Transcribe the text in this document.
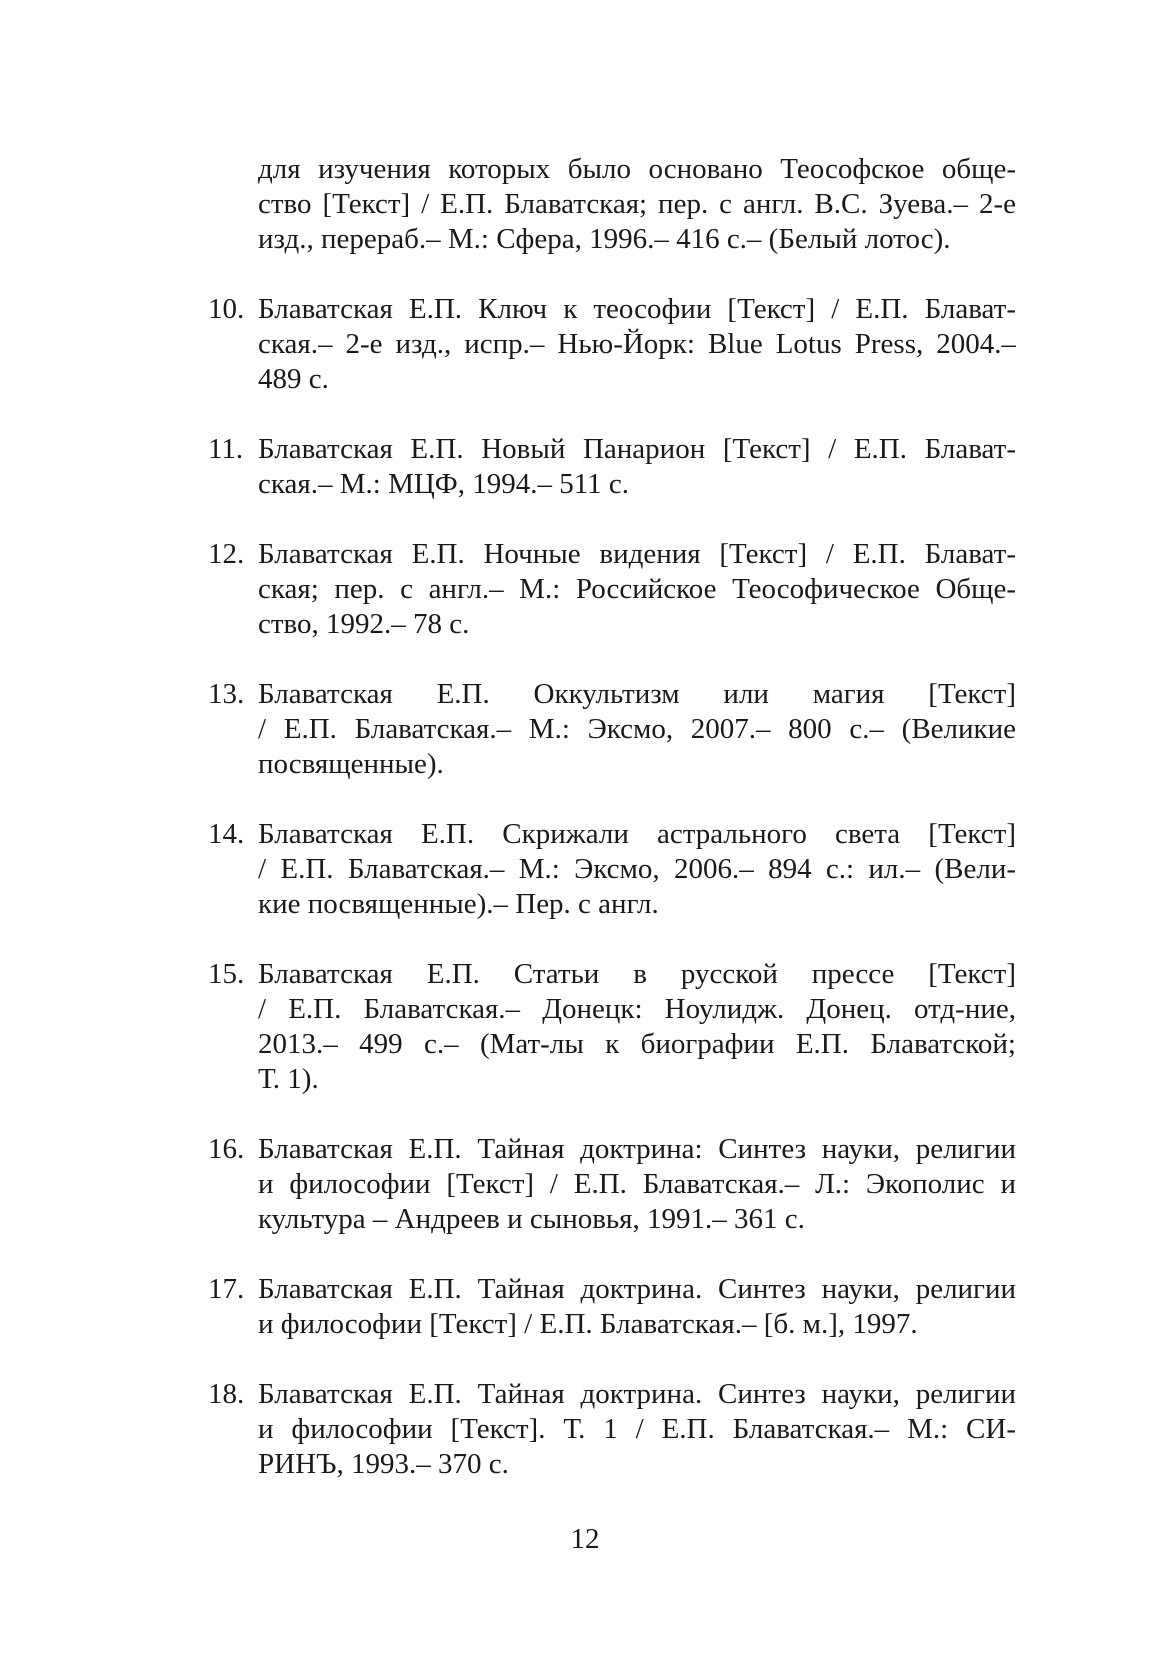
для изучения которых было основано Теософское обще-
ство [Текст] / Е.П. Блаватская; пер. с англ. В.С. Зуева.– 2-е
изд., перераб.– М.: Сфера, 1996.– 416 с.– (Белый лотос).
10. Блаватская Е.П. Ключ к теософии [Текст] / Е.П. Блават-
ская.– 2-е изд., испр.– Нью-Йорк: Blue Lotus Press, 2004.–
489 с.
11. Блаватская Е.П. Новый Панарион [Текст] / Е.П. Блават-
ская.– М.: МЦФ, 1994.– 511 с.
12. Блаватская Е.П. Ночные видения [Текст] / Е.П. Блават-
ская; пер. с англ.– М.: Российское Теософическое Обще-
ство, 1992.– 78 с.
13. Блаватская Е.П. Оккультизм или магия [Текст]
/ Е.П. Блаватская.– М.: Эксмо, 2007.– 800 с.– (Великие
посвященные).
14. Блаватская Е.П. Скрижали астрального света [Текст]
/ Е.П. Блаватская.– М.: Эксмо, 2006.– 894 с.: ил.– (Вели-
кие посвященные).– Пер. с англ.
15. Блаватская Е.П. Статьи в русской прессе [Текст]
/ Е.П. Блаватская.– Донецк: Ноулидж. Донец. отд-ние,
2013.– 499 с.– (Мат-лы к биографии Е.П. Блаватской;
Т. 1).
16. Блаватская Е.П. Тайная доктрина: Синтез науки, религии
и философии [Текст] / Е.П. Блаватская.– Л.: Экополис и
культура – Андреев и сыновья, 1991.– 361 с.
17. Блаватская Е.П. Тайная доктрина. Синтез науки, религии
и философии [Текст] / Е.П. Блаватская.– [б. м.], 1997.
18. Блаватская Е.П. Тайная доктрина. Синтез науки, религии
и философии [Текст]. Т. 1 / Е.П. Блаватская.– М.: СИ-
РИНЪ, 1993.– 370 с.
12
